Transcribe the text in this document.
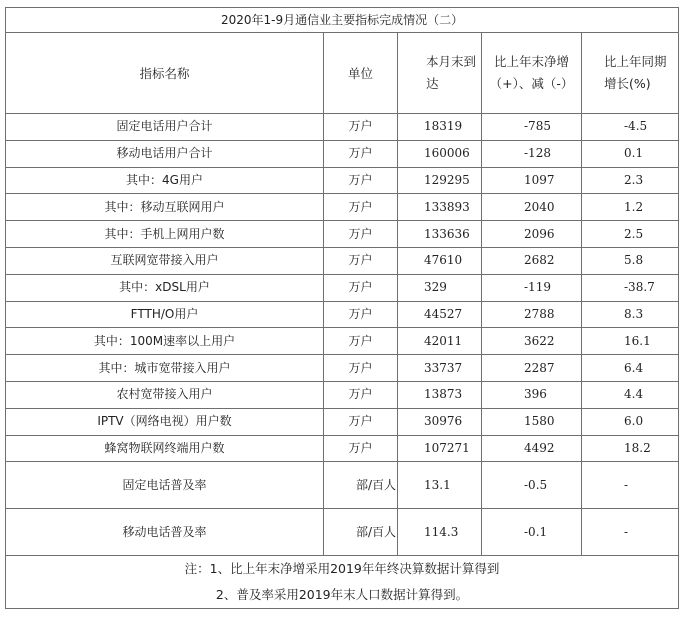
2020年1-9月通信业主要指标完成情况（二）				
指标名称	单位	本月末到达	比上年末净增（+）、减（-）	比上年同期增长(%)
固定电话用户合计	万户	18319	-785	-4.5
移动电话用户合计	万户	160006	-128	0.1
其中：4G用户	万户	129295	1097	2.3
其中：移动互联网用户	万户	133893	2040	1.2
其中：手机上网用户数	万户	133636	2096	2.5
互联网宽带接入用户	万户	47610	2682	5.8
其中：xDSL用户	万户	329	-119	-38.7
FTTH/O用户	万户	44527	2788	8.3
其中：100M速率以上用户	万户	42011	3622	16.1
其中：城市宽带接入用户	万户	33737	2287	6.4
农村宽带接入用户	万户	13873	396	4.4
IPTV（网络电视）用户数	万户	30976	1580	6.0
蜂窝物联网终端用户数	万户	107271	4492	18.2
固定电话普及率	部/百人	13.1	-0.5	-
移动电话普及率	部/百人	114.3	-0.1	-

注：1、比上年末净增采用2019年年终决算数据计算得到
2、普及率采用2019年末人口数据计算得到。				
